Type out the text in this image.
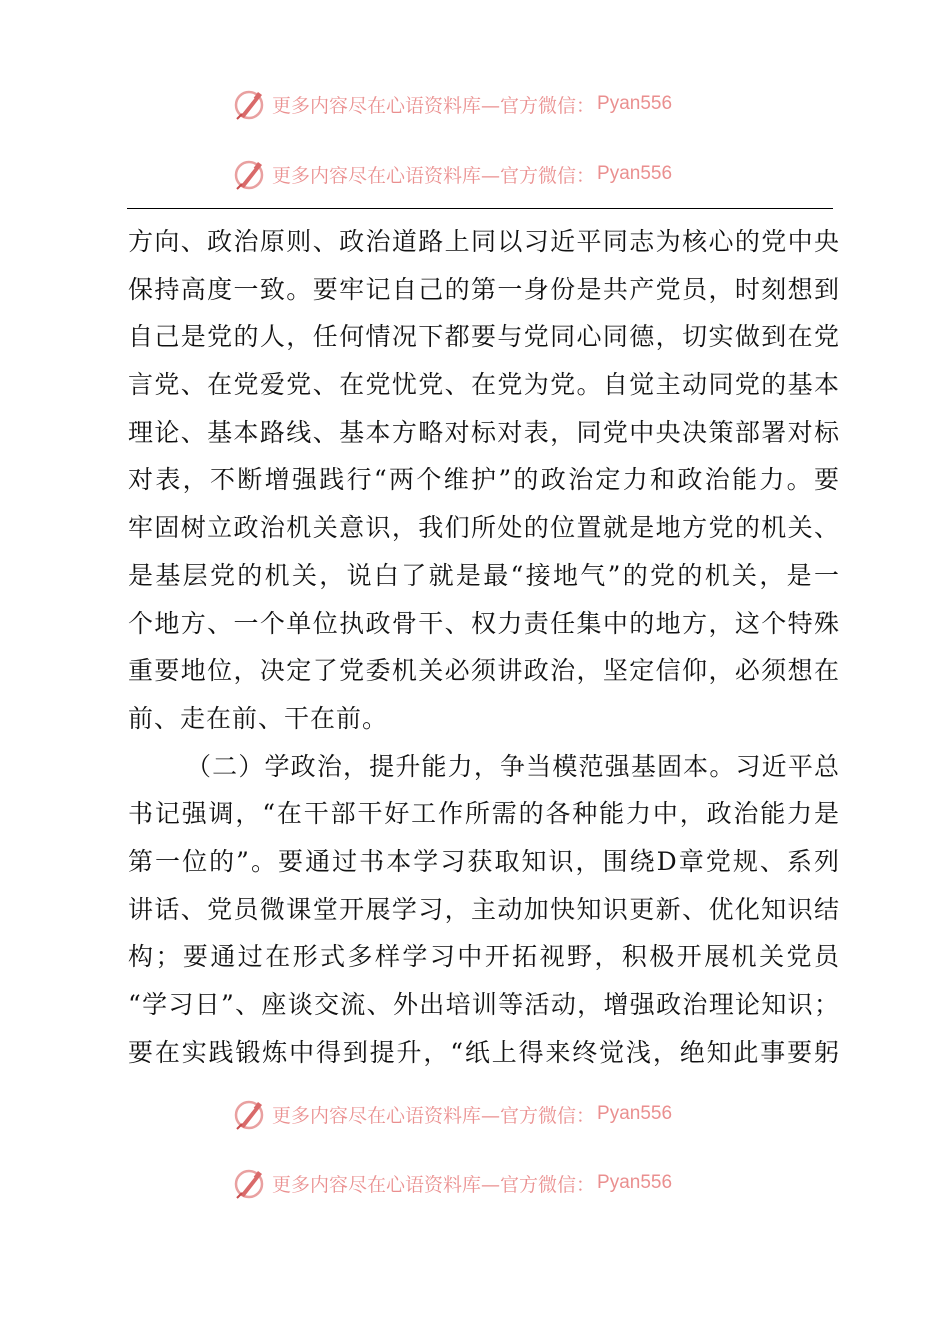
更多内容尽在心语资料库—官方微信： Pyan556
更多内容尽在心语资料库—官方微信： Pyan556
方向、政治原则、政治道路上同以习近平同志为核心的党中央
保持高度一致。要牢记自己的第一身份是共产党员，时刻想到
自己是党的人，任何情况下都要与党同心同德，切实做到在党
言党、在党爱党、在党忧党、在党为党。自觉主动同党的基本
理论、基本路线、基本方略对标对表，同党中央决策部署对标
对表，不断增强践行“两个维护”的政治定力和政治能力。要
牢固树立政治机关意识，我们所处的位置就是地方党的机关、
是基层党的机关，说白了就是最“接地气”的党的机关，是一
个地方、一个单位执政骨干、权力责任集中的地方，这个特殊
重要地位，决定了党委机关必须讲政治，坚定信仰，必须想在
前、走在前、干在前。
（二）学政治，提升能力，争当模范强基固本。习近平总
书记强调，“在干部干好工作所需的各种能力中，政治能力是
第一位的”。要通过书本学习获取知识，围绕D章党规、系列
讲话、党员微课堂开展学习，主动加快知识更新、优化知识结
构；要通过在形式多样学习中开拓视野，积极开展机关党员
“学习日”、座谈交流、外出培训等活动，增强政治理论知识；
要在实践锻炼中得到提升，“纸上得来终觉浅，绝知此事要躬
更多内容尽在心语资料库—官方微信： Pyan556
更多内容尽在心语资料库—官方微信： Pyan556
